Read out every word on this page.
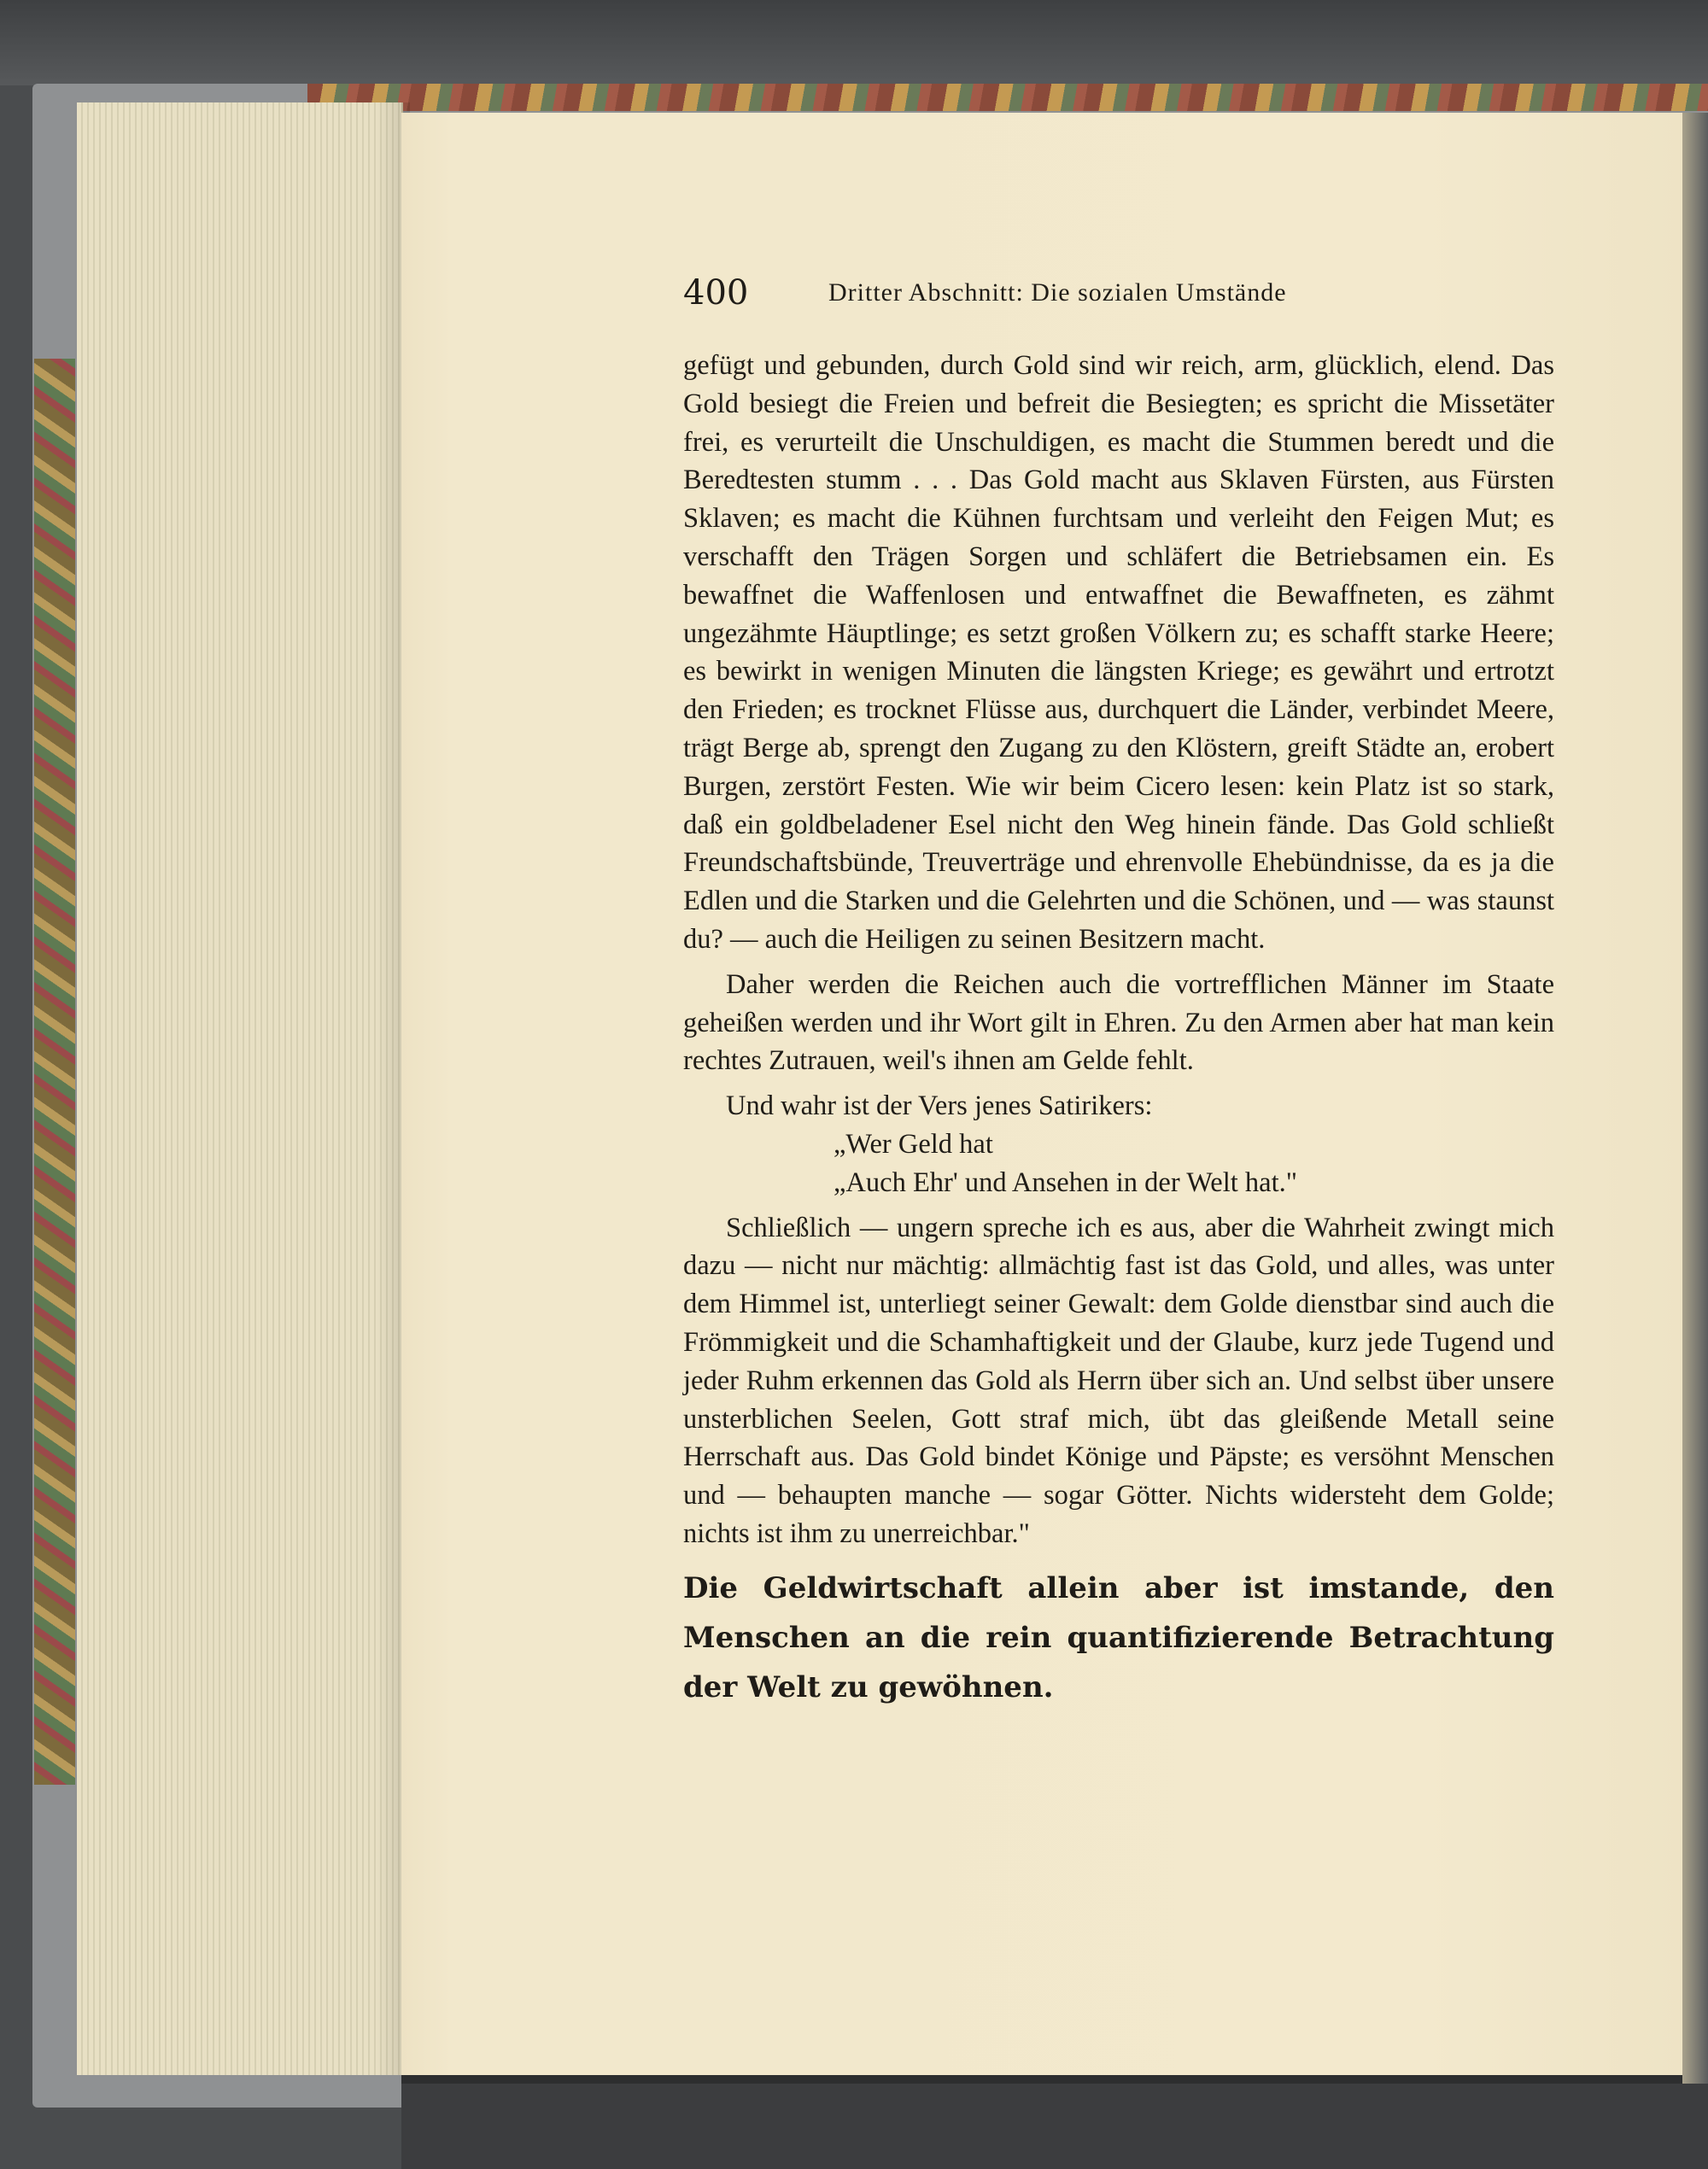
400	Dritter Abschnitt: Die sozialen Umstände

gefügt und gebunden, durch Gold sind wir reich, arm, glücklich, elend. Das Gold besiegt die Freien und befreit die Besiegten; es spricht die Missetäter frei, es verurteilt die Unschuldigen, es macht die Stummen beredt und die Beredtesten stumm . . . Das Gold macht aus Sklaven Fürsten, aus Fürsten Sklaven; es macht die Kühnen furchtsam und verleiht den Feigen Mut; es verschafft den Trägen Sorgen und schläfert die Betriebsamen ein. Es bewaffnet die Waffenlosen und entwaffnet die Bewaffneten, es zähmt ungezähmte Häuptlinge; es setzt großen Völkern zu; es schafft starke Heere; es bewirkt in wenigen Minuten die längsten Kriege; es gewährt und ertrotzt den Frieden; es trocknet Flüsse aus, durchquert die Länder, verbindet Meere, trägt Berge ab, sprengt den Zugang zu den Klöstern, greift Städte an, erobert Burgen, zerstört Festen. Wie wir beim Cicero lesen: kein Platz ist so stark, daß ein goldbeladener Esel nicht den Weg hinein fände. Das Gold schließt Freundschaftsbünde, Treuverträge und ehrenvolle Ehebündnisse, da es ja die Edlen und die Starken und die Gelehrten und die Schönen, und — was staunst du? — auch die Heiligen zu seinen Besitzern macht.

Daher werden die Reichen auch die vortrefflichen Männer im Staate geheißen werden und ihr Wort gilt in Ehren. Zu den Armen aber hat man kein rechtes Zutrauen, weil's ihnen am Gelde fehlt.

Und wahr ist der Vers jenes Satirikers:

„Wer Geld hat

„Auch Ehr' und Ansehen in der Welt hat."

Schließlich — ungern spreche ich es aus, aber die Wahrheit zwingt mich dazu — nicht nur mächtig: allmächtig fast ist das Gold, und alles, was unter dem Himmel ist, unterliegt seiner Gewalt: dem Golde dienstbar sind auch die Frömmigkeit und die Schamhaftigkeit und der Glaube, kurz jede Tugend und jeder Ruhm erkennen das Gold als Herrn über sich an. Und selbst über unsere unsterblichen Seelen, Gott straf mich, übt das gleißende Metall seine Herrschaft aus. Das Gold bindet Könige und Päpste; es versöhnt Menschen und — behaupten manche — sogar Götter. Nichts widersteht dem Golde; nichts ist ihm zu unerreichbar."

Die Geldwirtschaft allein aber ist imstande, den Menschen an die rein quantifizierende Betrachtung der Welt zu gewöhnen.
